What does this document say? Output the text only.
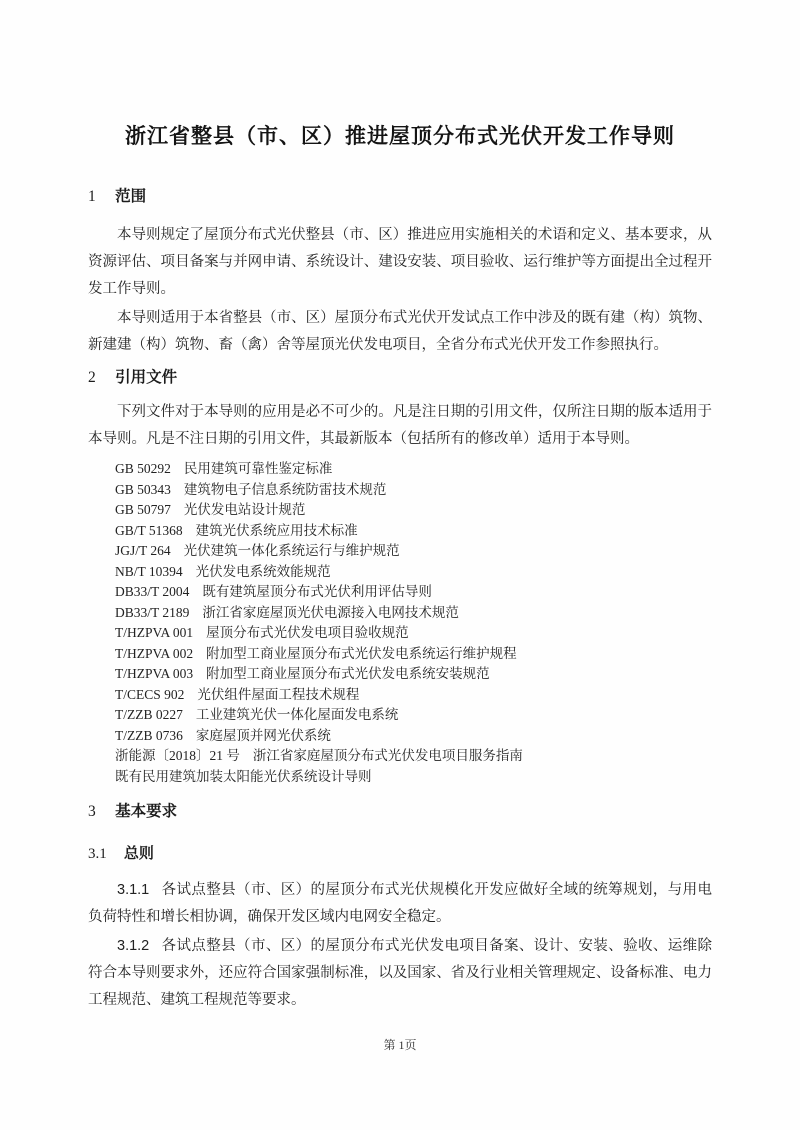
浙江省整县（市、区）推进屋顶分布式光伏开发工作导则
1 范围

本导则规定了屋顶分布式光伏整县（市、区）推进应用实施相关的术语和定义、基本要求，从资源评估、项目备案与并网申请、系统设计、建设安装、项目验收、运行维护等方面提出全过程开发工作导则。

本导则适用于本省整县（市、区）屋顶分布式光伏开发试点工作中涉及的既有建（构）筑物、新建建（构）筑物、畜（禽）舍等屋顶光伏发电项目，全省分布式光伏开发工作参照执行。

2 引用文件

下列文件对于本导则的应用是必不可少的。凡是注日期的引用文件，仅所注日期的版本适用于本导则。凡是不注日期的引用文件，其最新版本（包括所有的修改单）适用于本导则。

GB 50292 民用建筑可靠性鉴定标准
GB 50343 建筑物电子信息系统防雷技术规范
GB 50797 光伏发电站设计规范
GB/T 51368 建筑光伏系统应用技术标准
JGJ/T 264 光伏建筑一体化系统运行与维护规范
NB/T 10394 光伏发电系统效能规范
DB33/T 2004 既有建筑屋顶分布式光伏利用评估导则
DB33/T 2189 浙江省家庭屋顶光伏电源接入电网技术规范
T/HZPVA 001 屋顶分布式光伏发电项目验收规范
T/HZPVA 002 附加型工商业屋顶分布式光伏发电系统运行维护规程
T/HZPVA 003 附加型工商业屋顶分布式光伏发电系统安装规范
T/CECS 902 光伏组件屋面工程技术规程
T/ZZB 0227 工业建筑光伏一体化屋面发电系统
T/ZZB 0736 家庭屋顶并网光伏系统
浙能源〔2018〕21 号 浙江省家庭屋顶分布式光伏发电项目服务指南
既有民用建筑加装太阳能光伏系统设计导则
3 基本要求
3.1 总则

3.1.1 各试点整县（市、区）的屋顶分布式光伏规模化开发应做好全域的统筹规划，与用电负荷特性和增长相协调，确保开发区域内电网安全稳定。

3.1.2 各试点整县（市、区）的屋顶分布式光伏发电项目备案、设计、安装、验收、运维除符合本导则要求外，还应符合国家强制标准，以及国家、省及行业相关管理规定、设备标准、电力工程规范、建筑工程规范等要求。

第 1页
